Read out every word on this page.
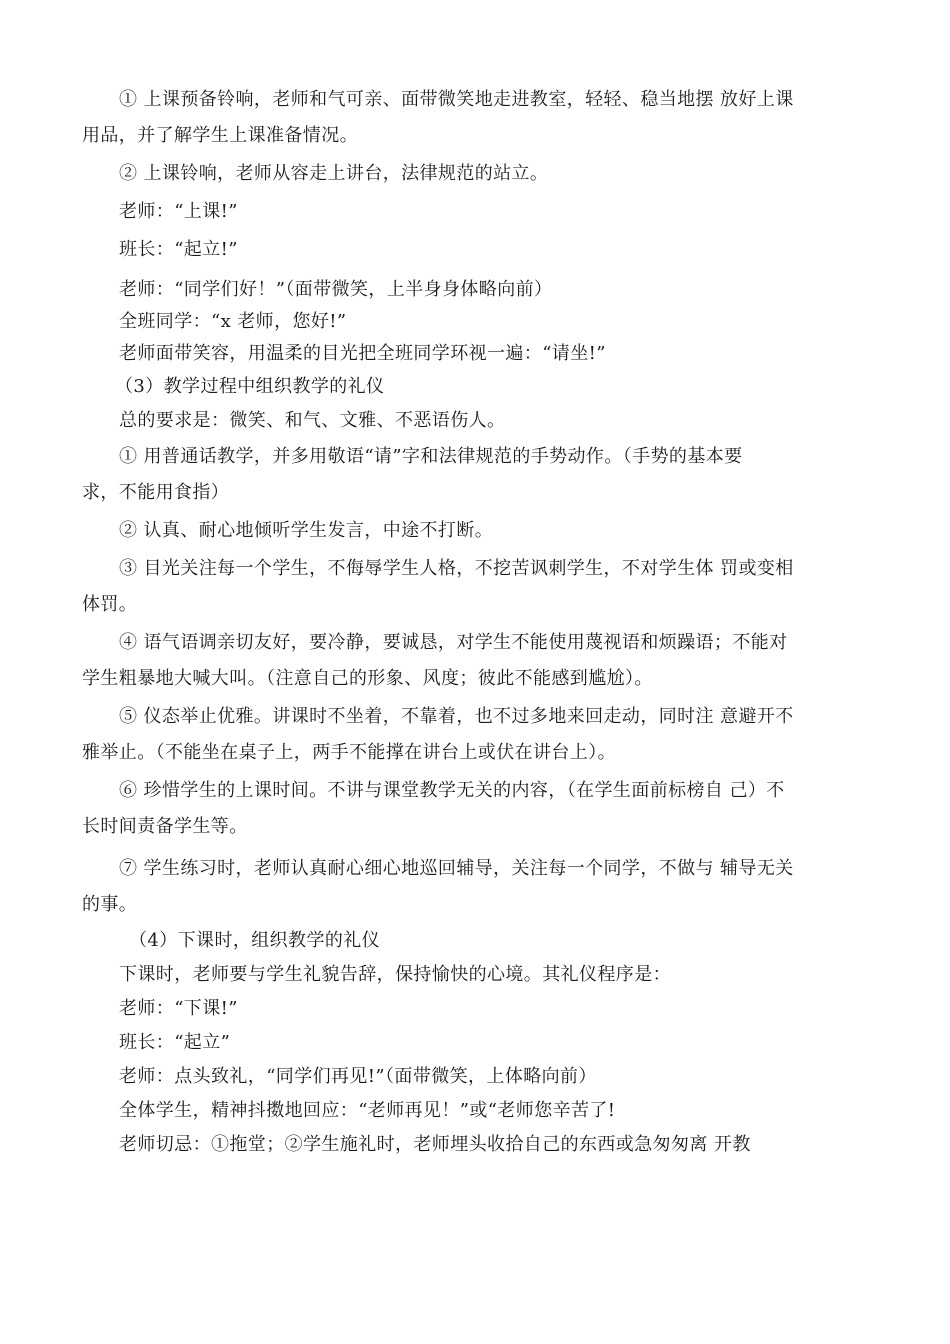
① 上课预备铃响，老师和气可亲、面带微笑地走进教室，轻轻、稳当地摆 放好上课
用品，并了解学生上课准备情况。
② 上课铃响，老师从容走上讲台，法律规范的站立。
老师：“上课!”
班长：“起立!”
老师：“同学们好！”（面带微笑，上半身身体略向前）
全班同学：“x 老师，您好!”
老师面带笑容，用温柔的目光把全班同学环视一遍：“请坐!”
（3）教学过程中组织教学的礼仪
总的要求是：微笑、和气、文雅、不恶语伤人。
① 用普通话教学，并多用敬语“请”字和法律规范的手势动作。（手势的基本要
求，不能用食指）
② 认真、耐心地倾听学生发言，中途不打断。
③ 目光关注每一个学生，不侮辱学生人格，不挖苦讽刺学生，不对学生体 罚或变相
体罚。
④ 语气语调亲切友好，要冷静，要诚恳，对学生不能使用蔑视语和烦躁语；不能对
学生粗暴地大喊大叫。（注意自己的形象、风度；彼此不能感到尴尬）。
⑤ 仪态举止优雅。讲课时不坐着，不靠着，也不过多地来回走动，同时注 意避开不
雅举止。（不能坐在桌子上，两手不能撑在讲台上或伏在讲台上）。
⑥ 珍惜学生的上课时间。不讲与课堂教学无关的内容，（在学生面前标榜自 己）不
长时间责备学生等。
⑦ 学生练习时，老师认真耐心细心地巡回辅导，关注每一个同学，不做与 辅导无关
的事。
（4）下课时，组织教学的礼仪
下课时，老师要与学生礼貌告辞，保持愉快的心境。其礼仪程序是：
老师：“下课!”
班长：“起立”
老师：点头致礼，“同学们再见!”（面带微笑，上体略向前）
全体学生，精神抖擞地回应：“老师再见！”或“老师您辛苦了!
老师切忌：①拖堂；②学生施礼时，老师埋头收拾自己的东西或急匆匆离 开教
